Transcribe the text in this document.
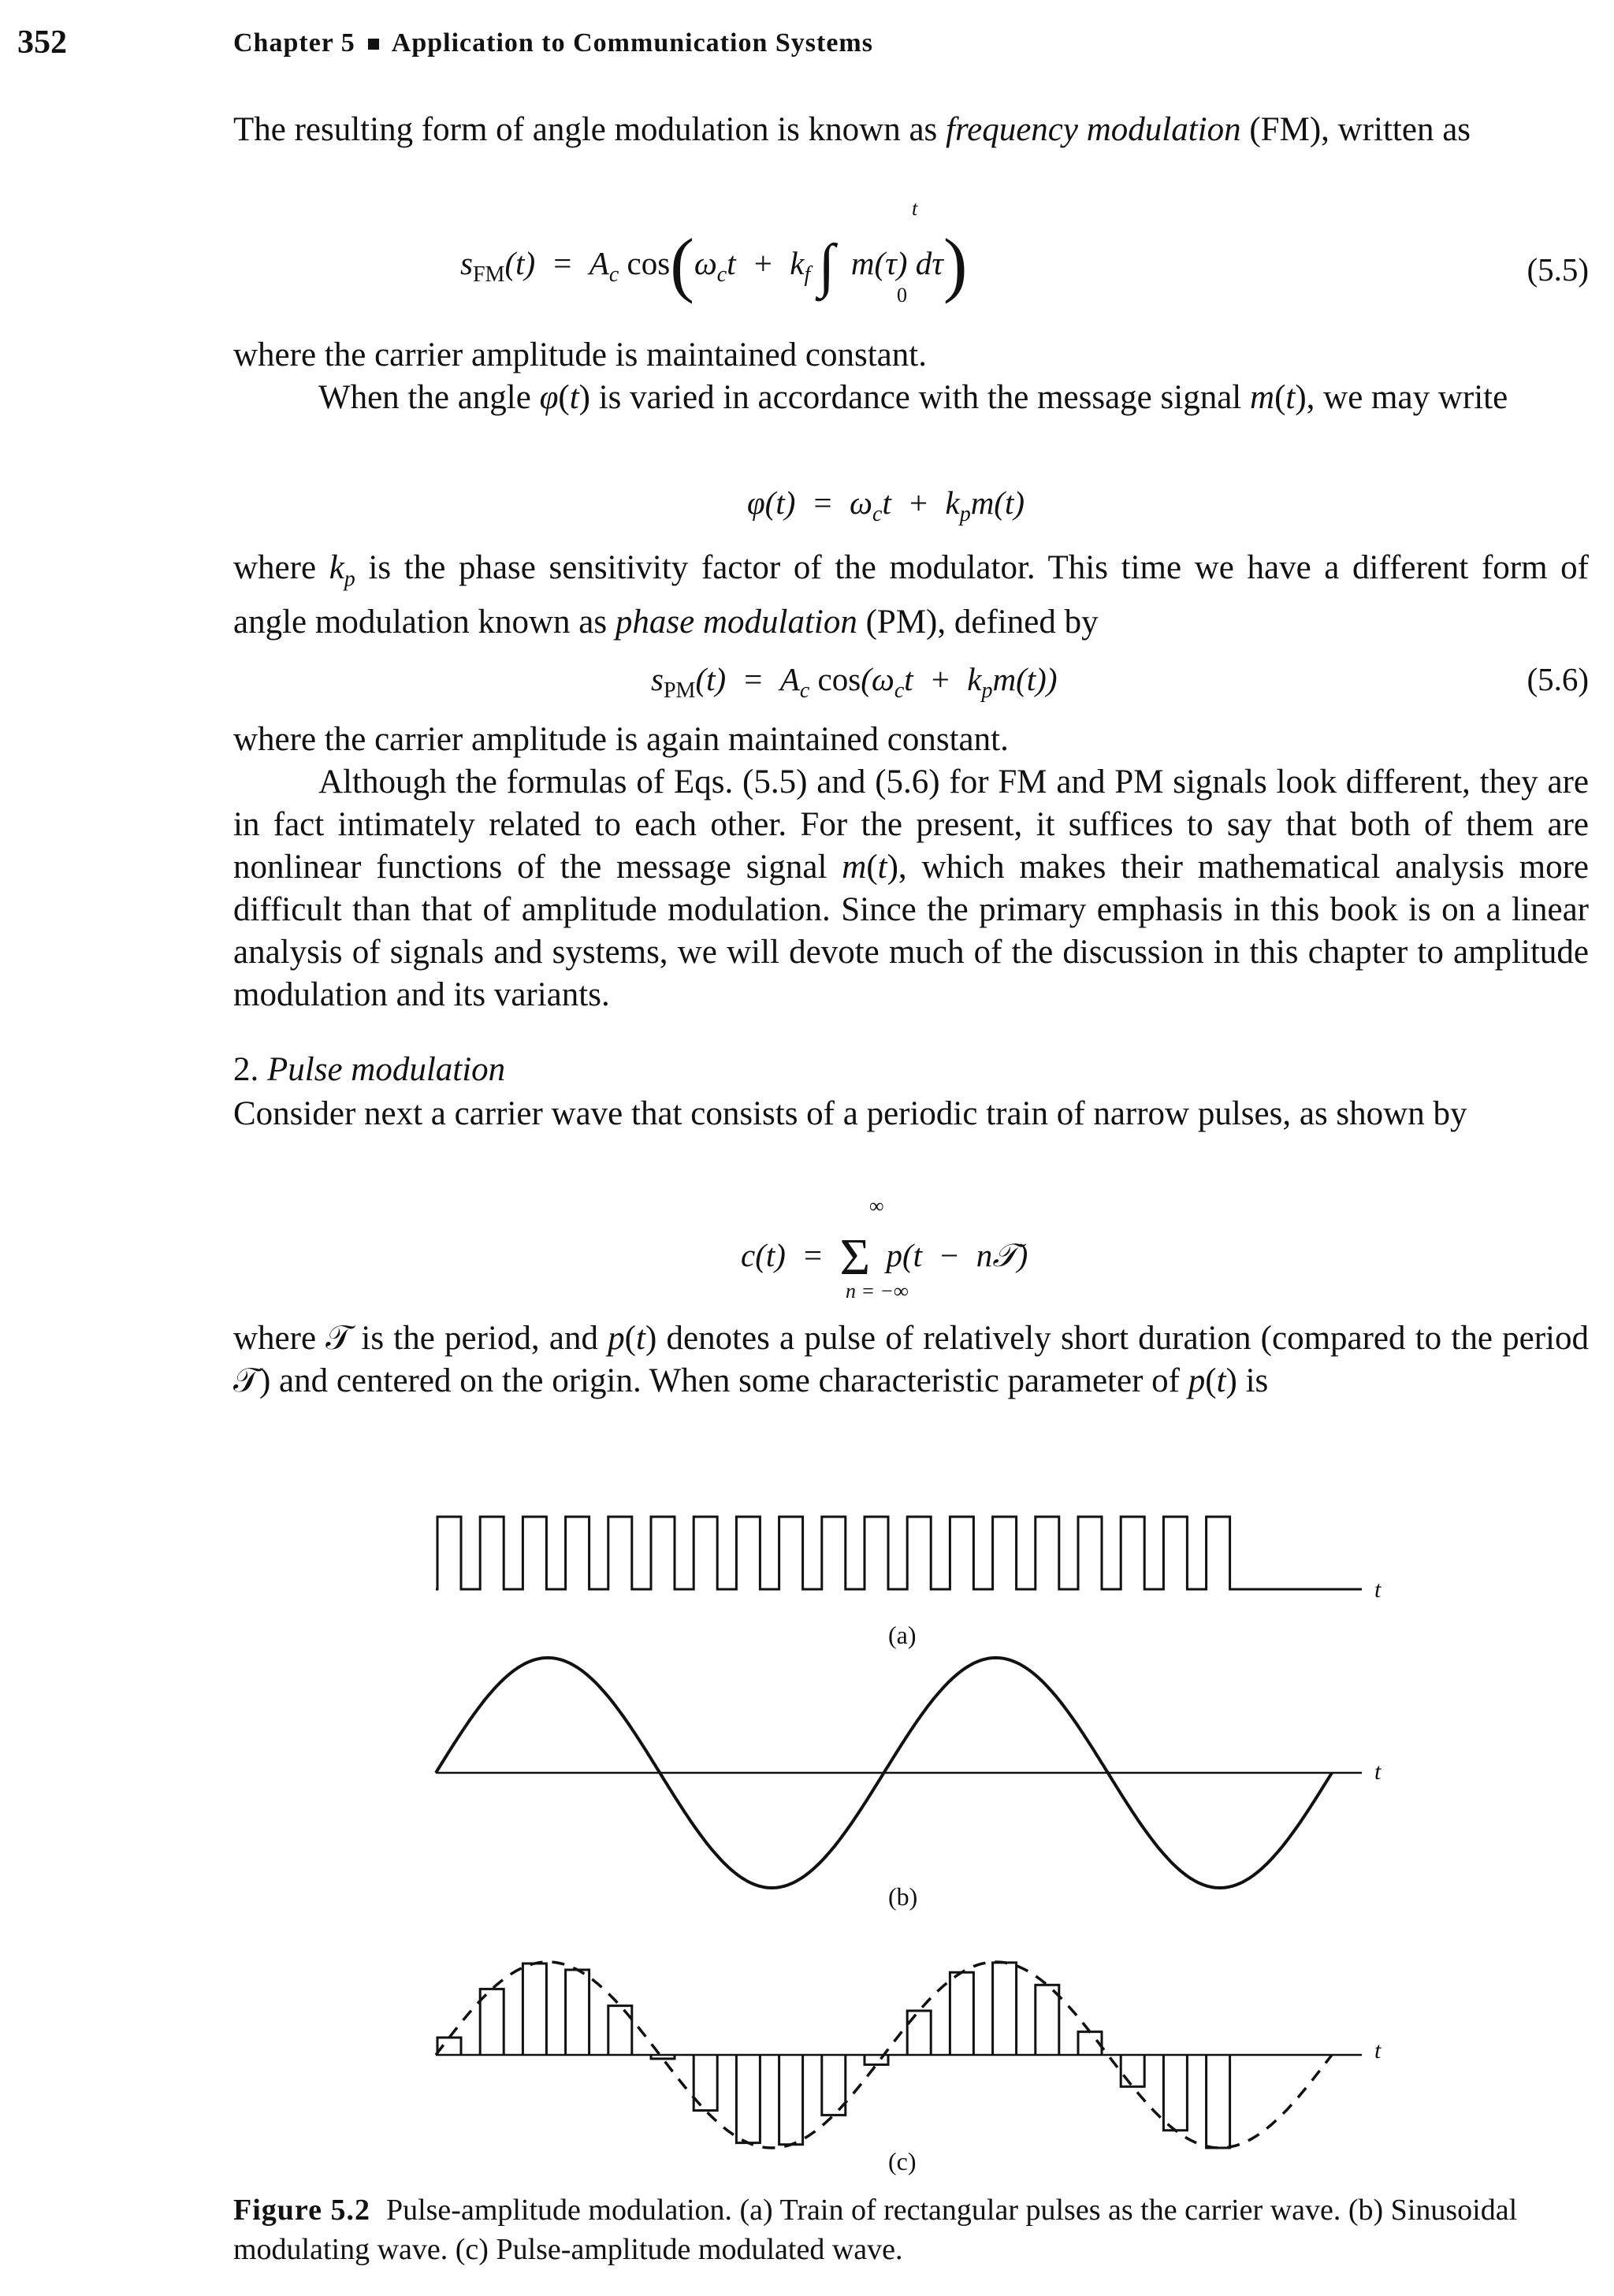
352	Chapter 5 Application to Communication Systems
The resulting form of angle modulation is known as frequency modulation (FM), written as
$s_{FM}(t) = A_c$ $\cos(\omega_ct + k_f$ ∫  m(τ) dτ)
t
0
(5.5)
where the carrier amplitude is maintained constant.
When the angle φ(t) is varied in accordance with the message signal m(t), we may write
$\varphi(t) = \omega_ct + k_pm(t)$
where $k_p$ is the phase sensitivity factor of the modulator. This time we have a different form of angle modulation known as phase modulation (PM), defined by
$s_{PM}(t) = A_c$ $\cos(\omega_ct + k_pm(t))$	(5.6)
where the carrier amplitude is again maintained constant.
Although the formulas of Eqs. (5.5) and (5.6) for FM and PM signals look different, they are in fact intimately related to each other. For the present, it suffices to say that both of them are nonlinear functions of the message signal m(t), which makes their mathematical analysis more difficult than that of amplitude modulation. Since the primary emphasis in this book is on a linear analysis of signals and systems, we will devote much of the discussion in this chapter to amplitude modulation and its variants.
2. Pulse modulation
Consider next a carrier wave that consists of a periodic train of narrow pulses, as shown by
c(t)  =  Σ  p(t  −  n𝒯)
∞
n = −∞
where 𝒯 is the period, and p(t) denotes a pulse of relatively short duration (compared to the period 𝒯) and centered on the origin. When some characteristic parameter of p(t) is
t
t
t
(a)
(b)
(c)
Figure 5.2 Pulse-amplitude modulation. (a) Train of rectangular pulses as the carrier wave. (b) Sinusoidal modulating wave. (c) Pulse-amplitude modulated wave.
